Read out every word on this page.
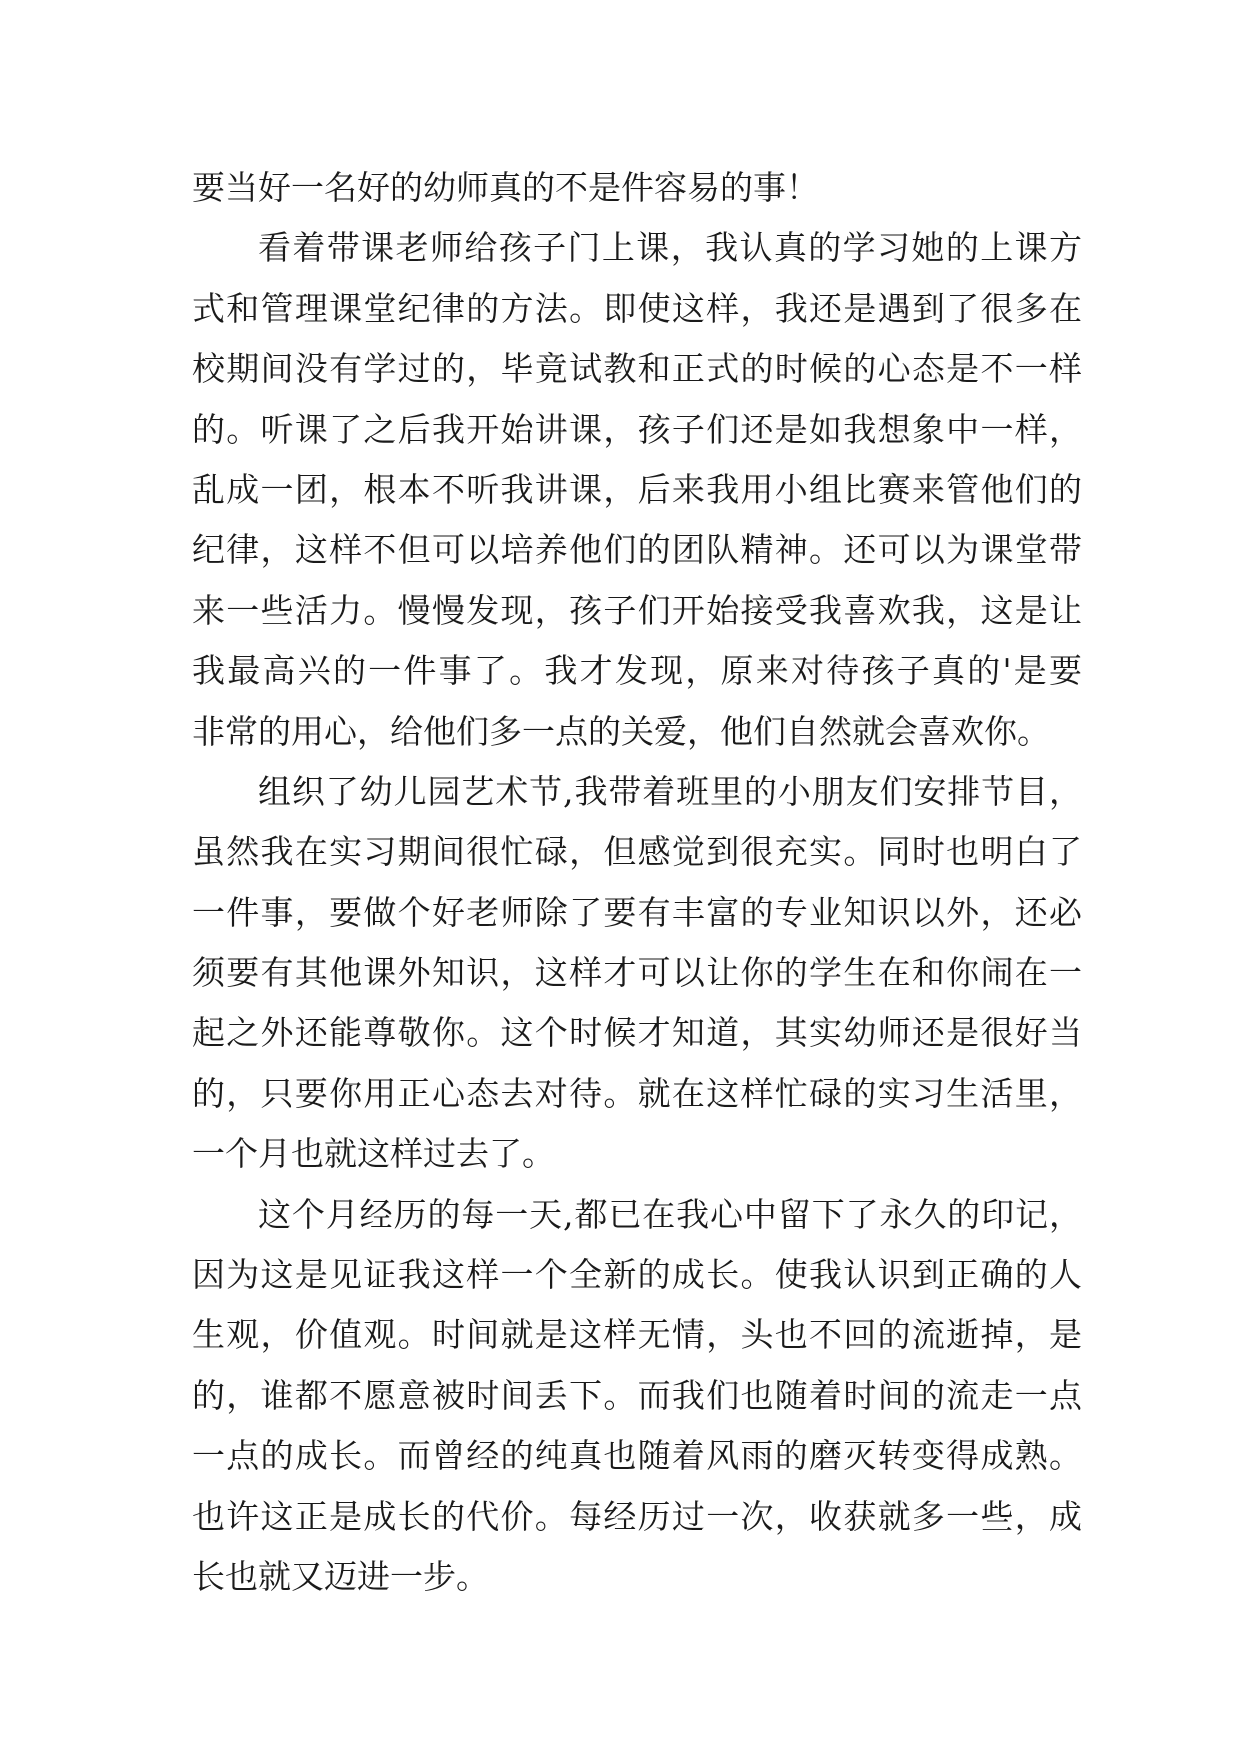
要当好一名好的幼师真的不是件容易的事！
看着带课老师给孩子门上课，我认真的学习她的上课方
式和管理课堂纪律的方法。即使这样，我还是遇到了很多在
校期间没有学过的，毕竟试教和正式的时候的心态是不一样
的。听课了之后我开始讲课，孩子们还是如我想象中一样，
乱成一团，根本不听我讲课，后来我用小组比赛来管他们的
纪律，这样不但可以培养他们的团队精神。还可以为课堂带
来一些活力。慢慢发现，孩子们开始接受我喜欢我，这是让
我最高兴的一件事了。我才发现，原来对待孩子真的'是要
非常的用心，给他们多一点的关爱，他们自然就会喜欢你。
组织了幼儿园艺术节,我带着班里的小朋友们安排节目，
虽然我在实习期间很忙碌，但感觉到很充实。同时也明白了
一件事，要做个好老师除了要有丰富的专业知识以外，还必
须要有其他课外知识，这样才可以让你的学生在和你闹在一
起之外还能尊敬你。这个时候才知道，其实幼师还是很好当
的，只要你用正心态去对待。就在这样忙碌的实习生活里，
一个月也就这样过去了。
这个月经历的每一天,都已在我心中留下了永久的印记，
因为这是见证我这样一个全新的成长。使我认识到正确的人
生观，价值观。时间就是这样无情，头也不回的流逝掉，是
的，谁都不愿意被时间丢下。而我们也随着时间的流走一点
一点的成长。而曾经的纯真也随着风雨的磨灭转变得成熟。
也许这正是成长的代价。每经历过一次，收获就多一些，成
长也就又迈进一步。
